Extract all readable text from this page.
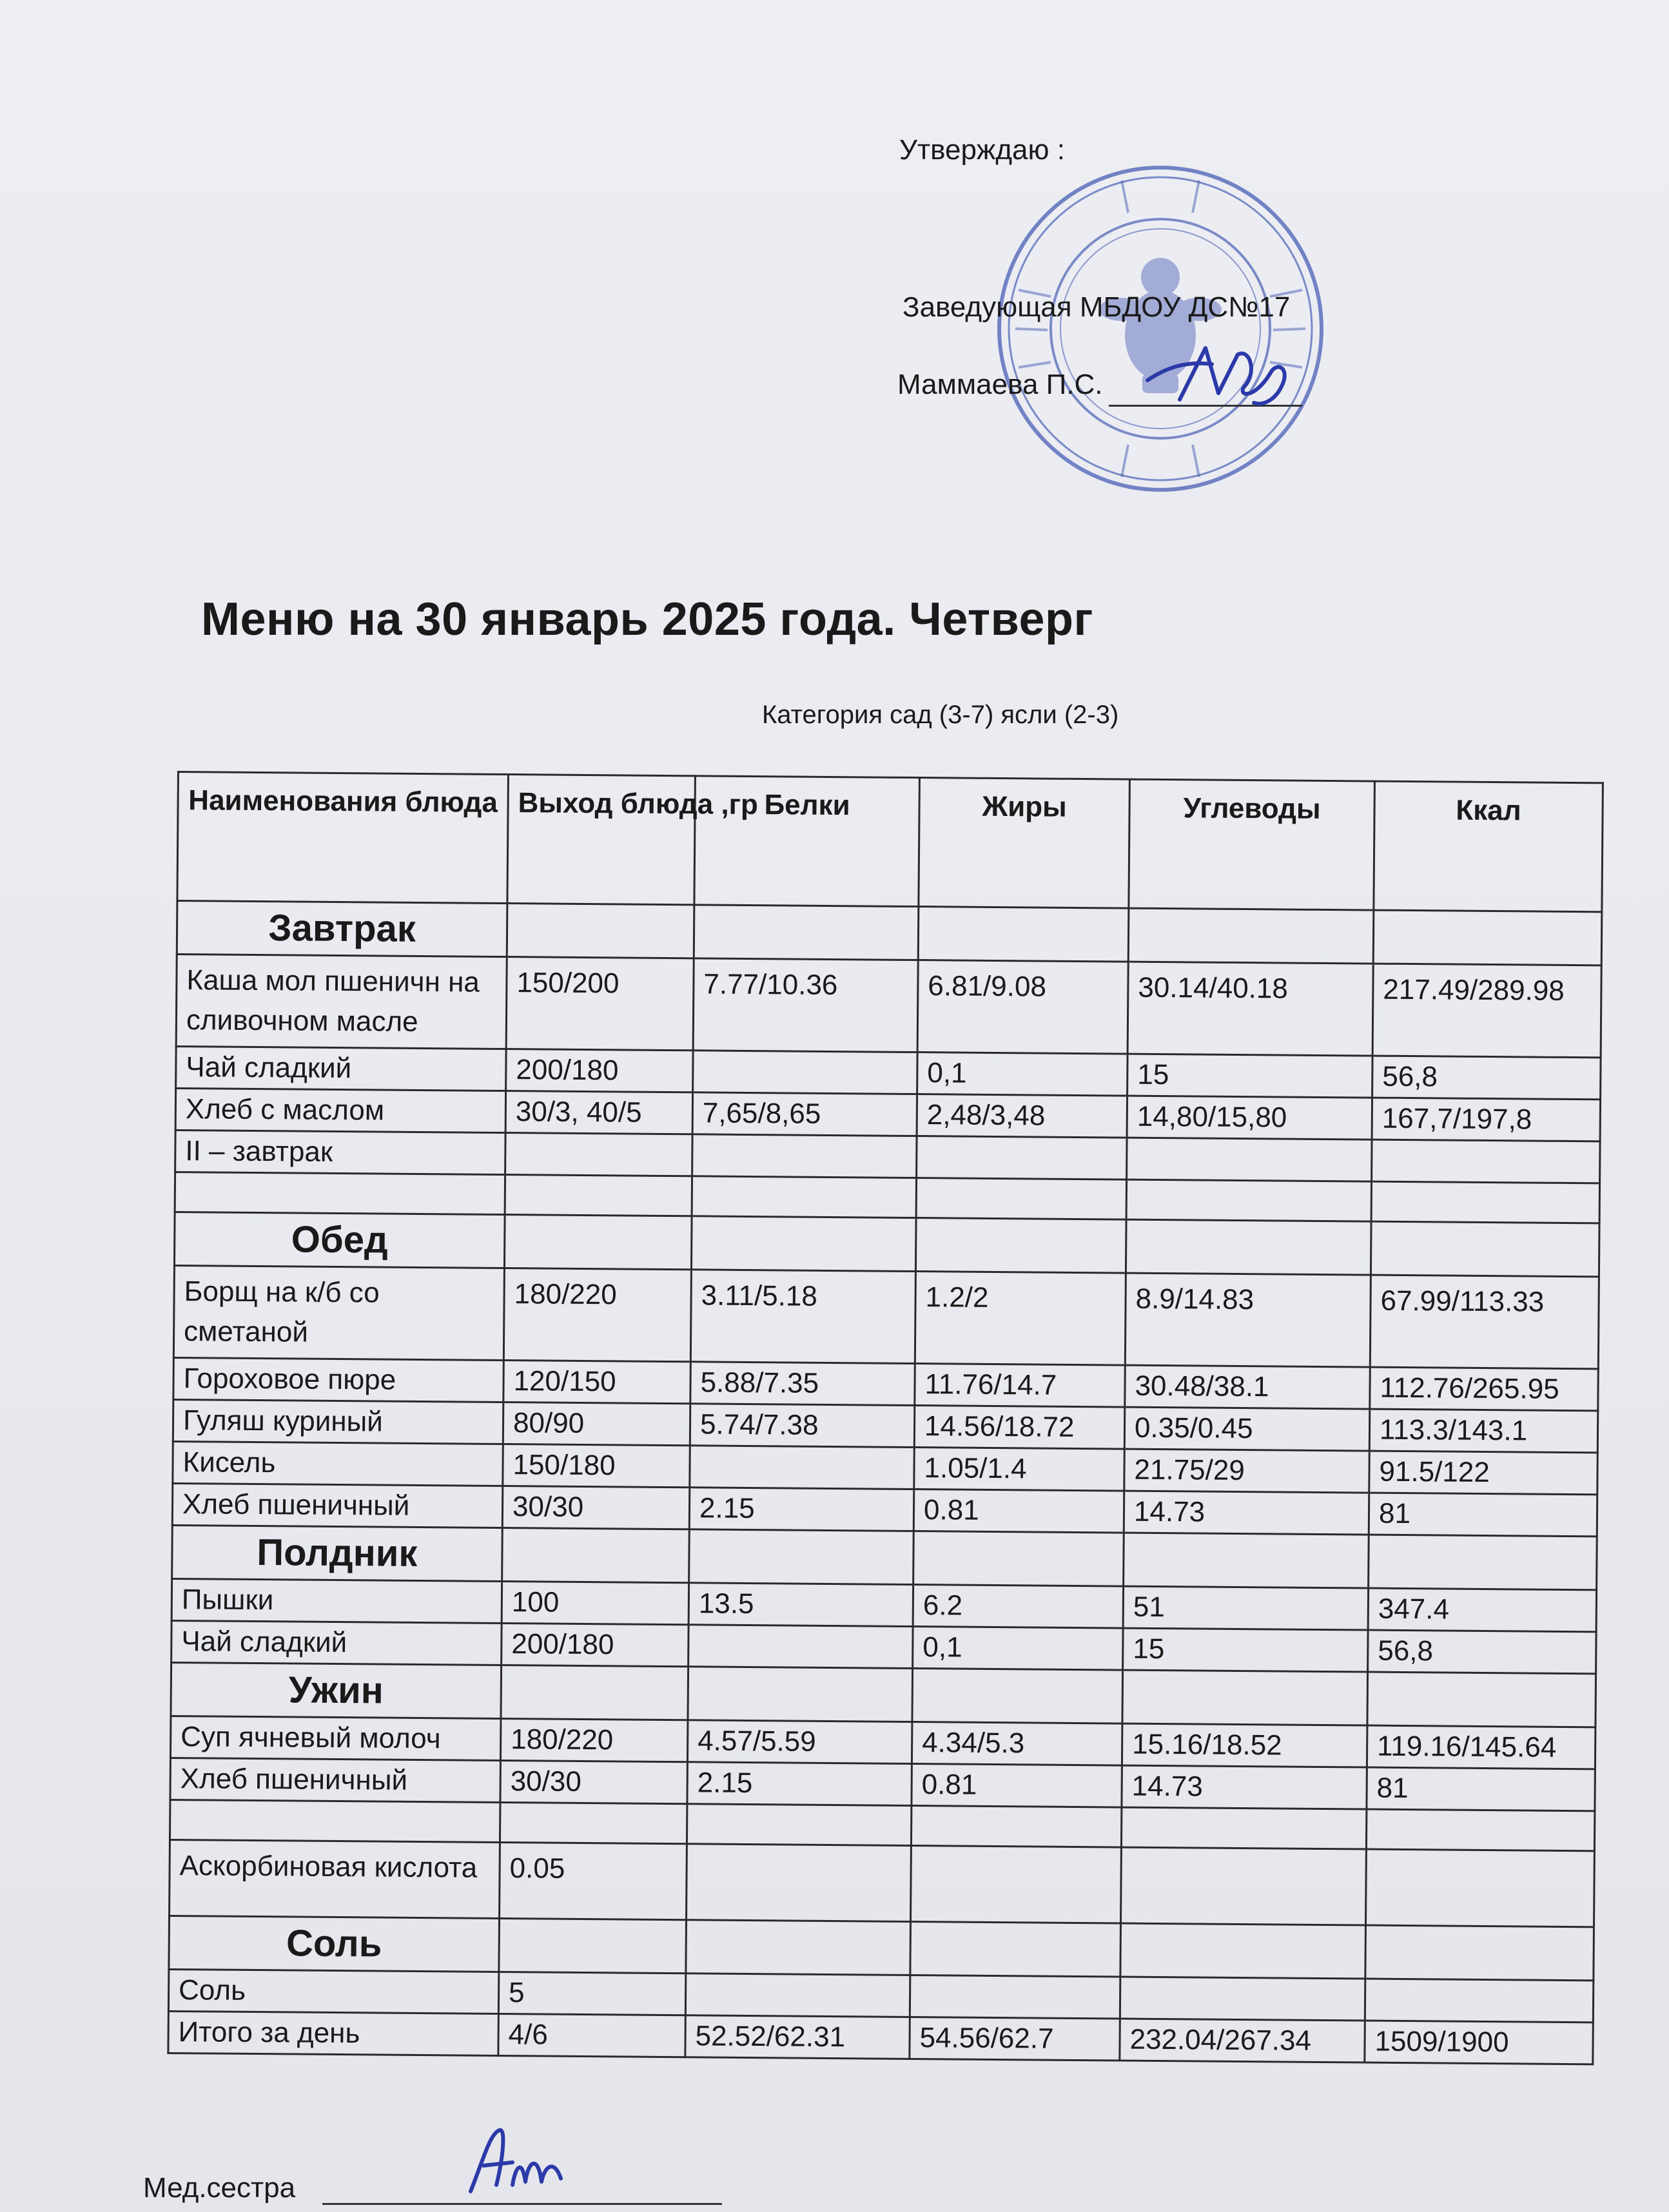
Утверждаю :
Заведующая МБДОУ ДС№17
Маммаева П.С.
Меню на 30 январь 2025 года. Четверг
Категория сад (3-7) ясли (2-3)
Наименования блюда	Выход блюда ,гр	Белки	Жиры	Углеводы	Ккал
Завтрак					
Каша мол пшеничн на сливочном масле	150/200	7.77/10.36	6.81/9.08	30.14/40.18	217.49/289.98
Чай сладкий	200/180		0,1	15	56,8
Хлеб с маслом	30/3, 40/5	7,65/8,65	2,48/3,48	14,80/15,80	167,7/197,8
II – завтрак					

Обед					
Борщ на к/б со сметаной	180/220	3.11/5.18	1.2/2	8.9/14.83	67.99/113.33
Гороховое пюре	120/150	5.88/7.35	11.76/14.7	30.48/38.1	112.76/265.95
Гуляш куриный	80/90	5.74/7.38	14.56/18.72	0.35/0.45	113.3/143.1
Кисель	150/180		1.05/1.4	21.75/29	91.5/122
Хлеб пшеничный	30/30	2.15	0.81	14.73	81
Полдник					
Пышки	100	13.5	6.2	51	347.4
Чай сладкий	200/180		0,1	15	56,8
Ужин					
Суп ячневый молоч	180/220	4.57/5.59	4.34/5.3	15.16/18.52	119.16/145.64
Хлеб пшеничный	30/30	2.15	0.81	14.73	81

Аскорбиновая кислота	0.05				
Соль					
Соль	5				
Итого за день	4/6	52.52/62.31	54.56/62.7	232.04/267.34	1509/1900
Мед.сестра
